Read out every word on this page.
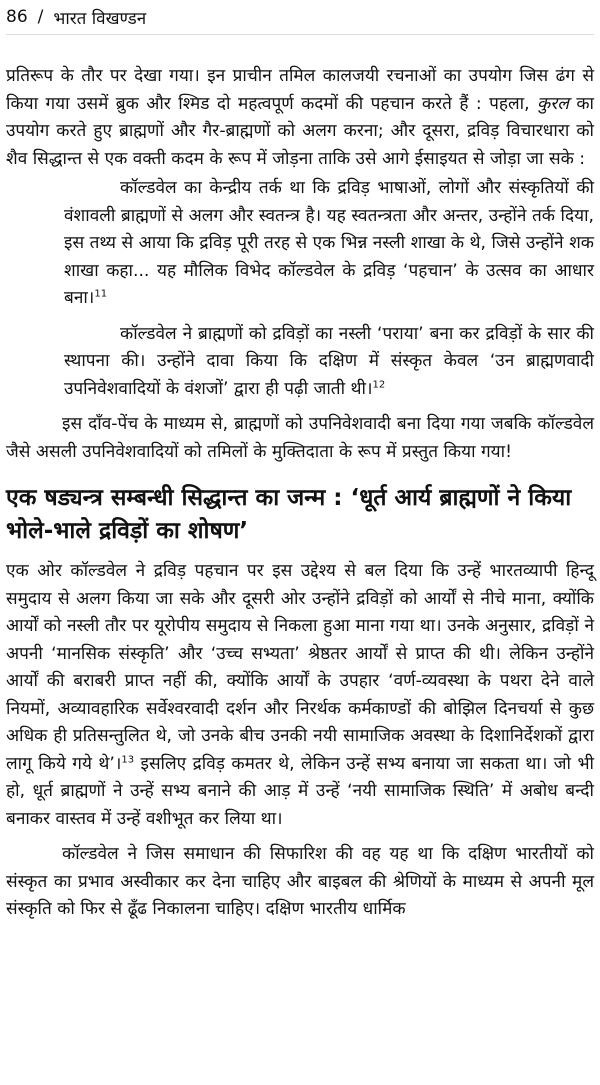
86 / भारत विखण्डन

प्रतिरूप के तौर पर देखा गया। इन प्राचीन तमिल कालजयी रचनाओं का उपयोग जिस ढंग से किया गया उसमें ब्रुक और श्मिड दो महत्वपूर्ण कदमों की पहचान करते हैं : पहला, कुरल का उपयोग करते हुए ब्राह्मणों और गैर-ब्राह्मणों को अलग करना; और दूसरा, द्रविड़ विचारधारा को शैव सिद्धान्त से एक वक्ती कदम के रूप में जोड़ना ताकि उसे आगे ईसाइयत से जोड़ा जा सके :

कॉल्डवेल का केन्द्रीय तर्क था कि द्रविड़ भाषाओं, लोगों और संस्कृतियों की वंशावली ब्राह्मणों से अलग और स्वतन्त्र है। यह स्वतन्त्रता और अन्तर, उन्होंने तर्क दिया, इस तथ्य से आया कि द्रविड़ पूरी तरह से एक भिन्न नस्ली शाखा के थे, जिसे उन्होंने शक शाखा कहा... यह मौलिक विभेद कॉल्डवेल के द्रविड़ ‘पहचान’ के उत्सव का आधार बना।$^{11}$

कॉल्डवेल ने ब्राह्मणों को द्रविड़ों का नस्ली ‘पराया’ बना कर द्रविड़ों के सार की स्थापना की। उन्होंने दावा किया कि दक्षिण में संस्कृत केवल ‘उन ब्राह्मणवादी उपनिवेशवादियों के वंशजों’ द्वारा ही पढ़ी जाती थी।$^{12}$

इस दाँव-पेंच के माध्यम से, ब्राह्मणों को उपनिवेशवादी बना दिया गया जबकि कॉल्डवेल जैसे असली उपनिवेशवादियों को तमिलों के मुक्तिदाता के रूप में प्रस्तुत किया गया!

एक षड्यन्त्र सम्बन्धी सिद्धान्त का जन्म : ‘धूर्त आर्य ब्राह्मणों ने किया भोले-भाले द्रविड़ों का शोषण’

एक ओर कॉल्डवेल ने द्रविड़ पहचान पर इस उद्देश्य से बल दिया कि उन्हें भारतव्यापी हिन्दू समुदाय से अलग किया जा सके और दूसरी ओर उन्होंने द्रविड़ों को आर्यों से नीचे माना, क्योंकि आर्यों को नस्ली तौर पर यूरोपीय समुदाय से निकला हुआ माना गया था। उनके अनुसार, द्रविड़ों ने अपनी ‘मानसिक संस्कृति’ और ‘उच्च सभ्यता’ श्रेष्ठतर आर्यों से प्राप्त की थी। लेकिन उन्होंने आर्यों की बराबरी प्राप्त नहीं की, क्योंकि आर्यों के उपहार ‘वर्ण-व्यवस्था के पथरा देने वाले नियमों, अव्यावहारिक सर्वेश्वरवादी दर्शन और निरर्थक कर्मकाण्डों की बोझिल दिनचर्या से कुछ अधिक ही प्रतिसन्तुलित थे, जो उनके बीच उनकी नयी सामाजिक अवस्था के दिशानिर्देशकों द्वारा लागू किये गये थे’।$^{13}$ इसलिए द्रविड़ कमतर थे, लेकिन उन्हें सभ्य बनाया जा सकता था। जो भी हो, धूर्त ब्राह्मणों ने उन्हें सभ्य बनाने की आड़ में उन्हें ‘नयी सामाजिक स्थिति’ में अबोध बन्दी बनाकर वास्तव में उन्हें वशीभूत कर लिया था।

कॉल्डवेल ने जिस समाधान की सिफारिश की वह यह था कि दक्षिण भारतीयों को संस्कृत का प्रभाव अस्वीकार कर देना चाहिए और बाइबल की श्रेणियों के माध्यम से अपनी मूल संस्कृति को फिर से ढूँढ निकालना चाहिए। दक्षिण भारतीय धार्मिक
